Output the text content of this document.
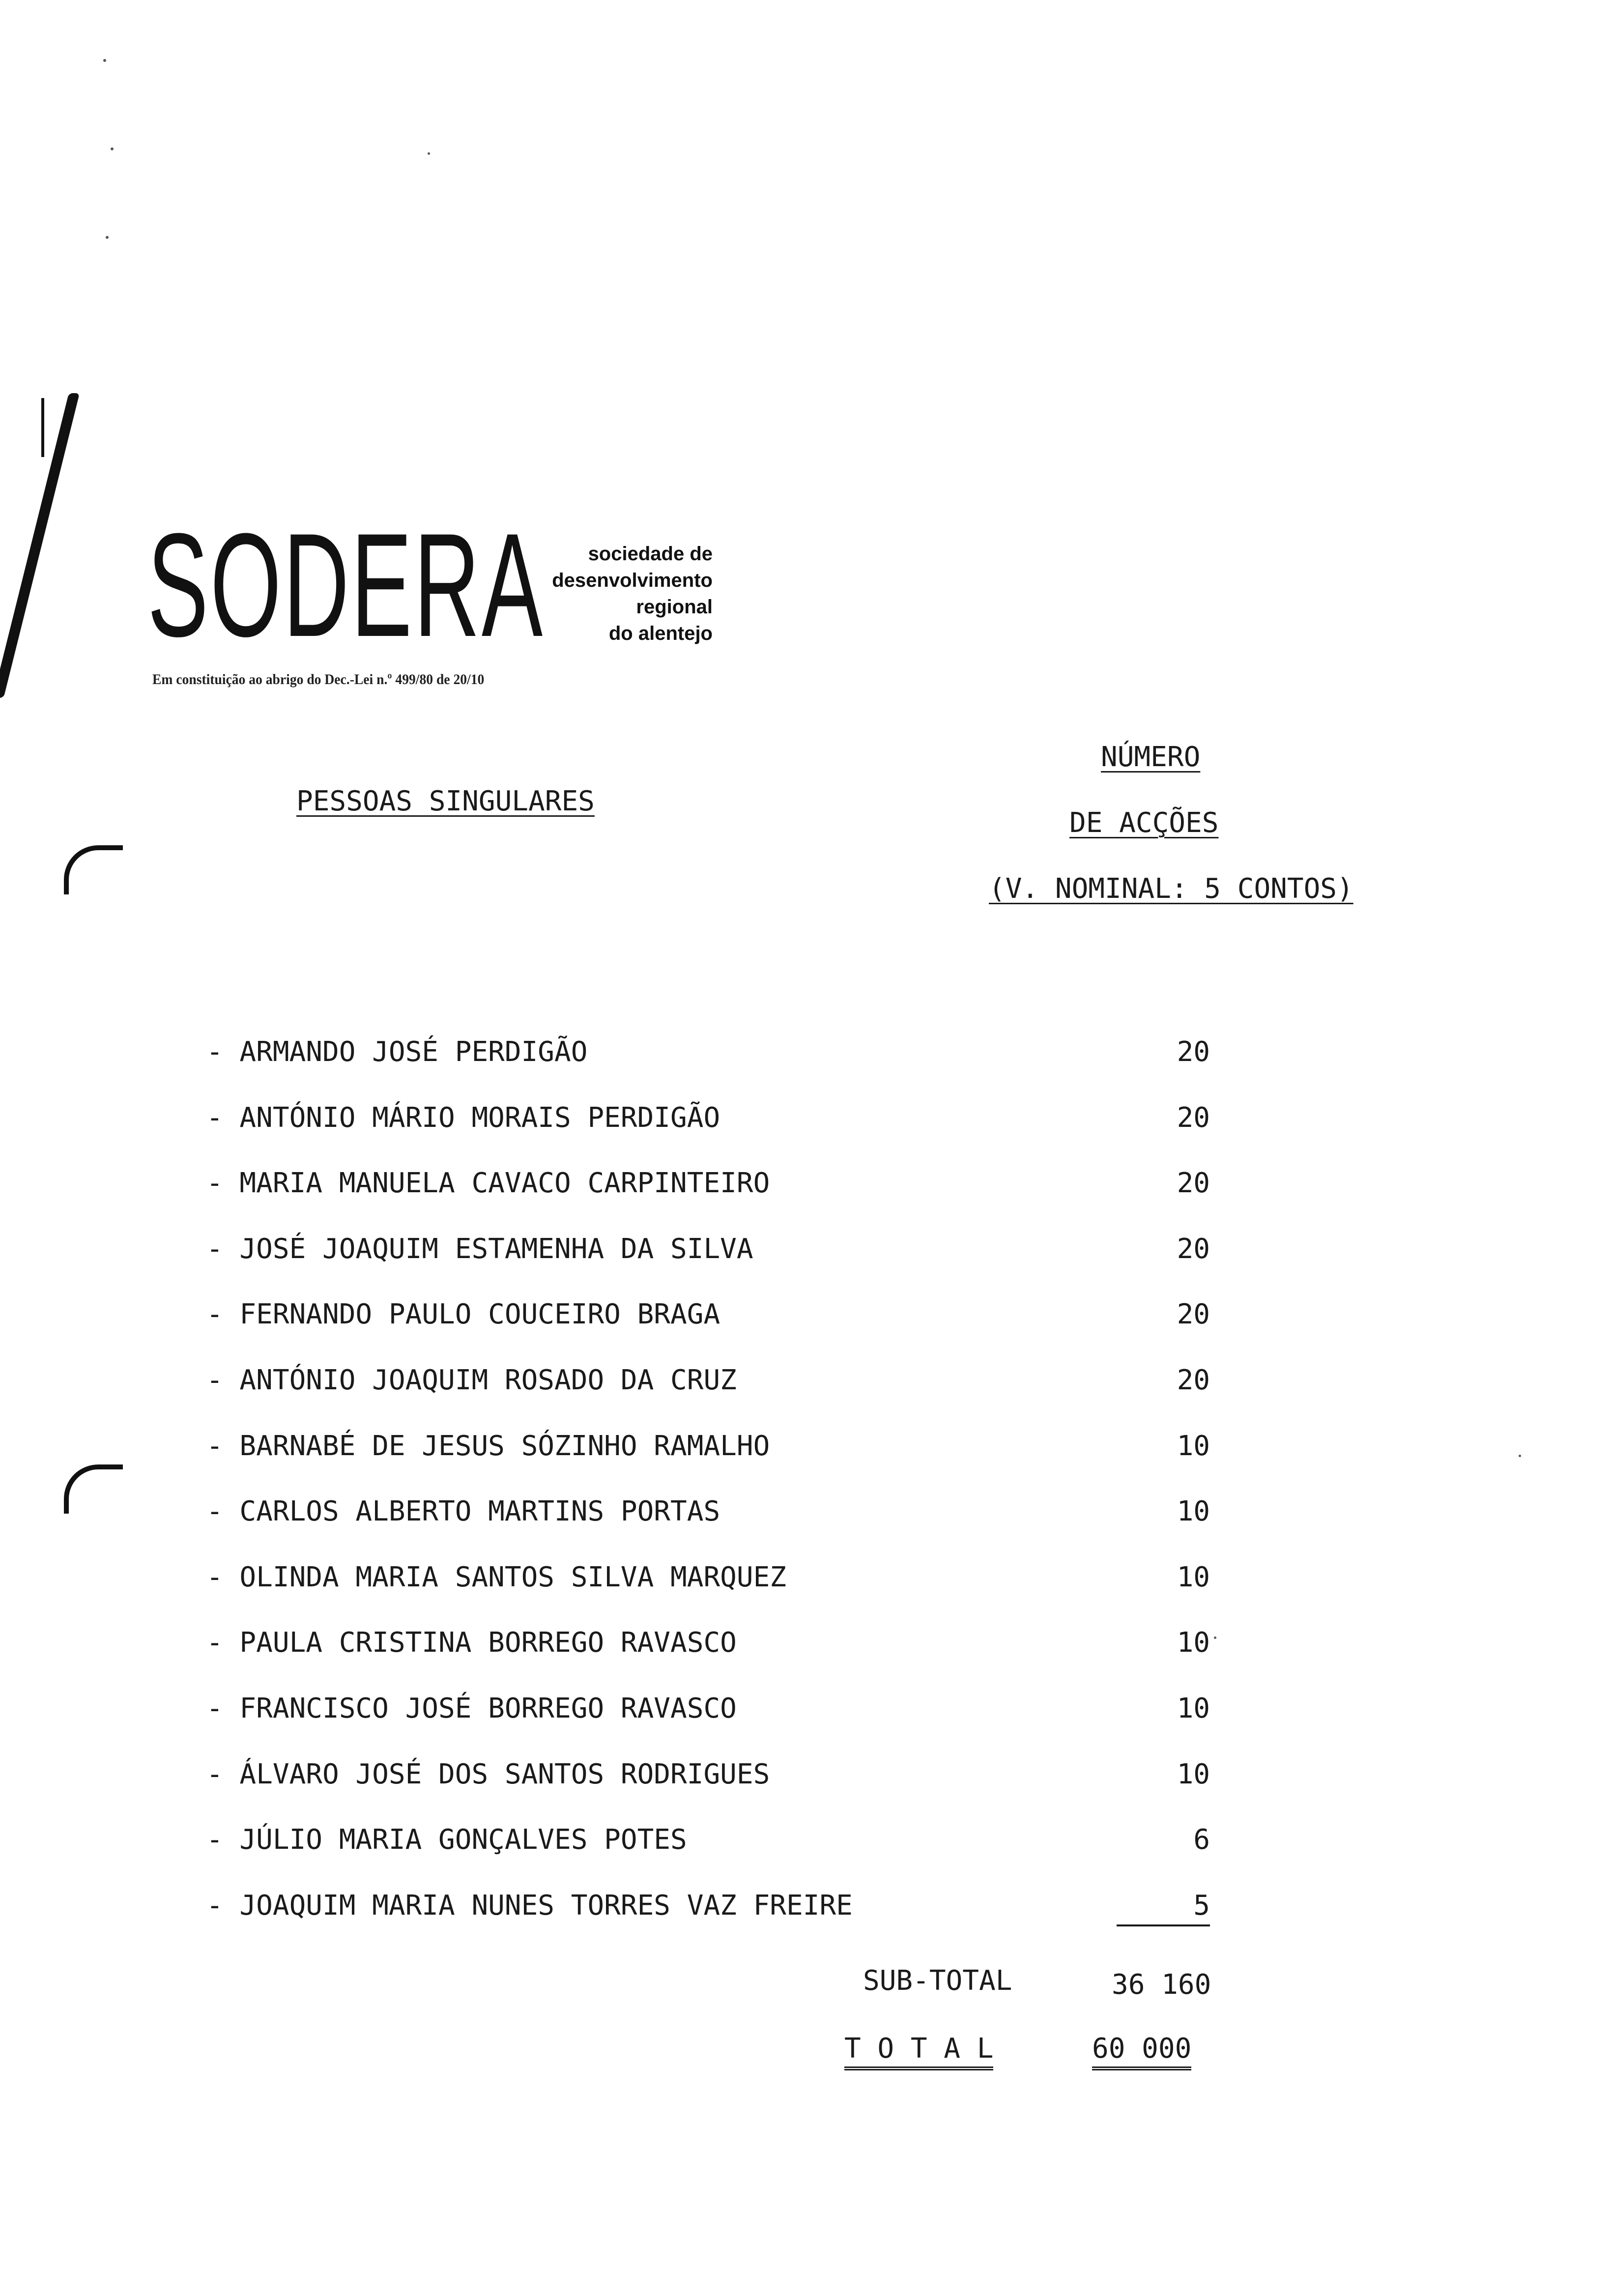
SODERA	sociedade de
desenvolvimento
regional
do alentejo
Em constituição ao abrigo do Dec.-Lei n.º 499/80 de 20/10
PESSOAS SINGULARES
NÚMERO
DE ACÇÕES
(V. NOMINAL: 5 CONTOS)
- ARMANDO JOSÉ PERDIGÃO	20
- ANTÓNIO MÁRIO MORAIS PERDIGÃO	20
- MARIA MANUELA CAVACO CARPINTEIRO	20
- JOSÉ JOAQUIM ESTAMENHA DA SILVA	20
- FERNANDO PAULO COUCEIRO BRAGA	20
- ANTÓNIO JOAQUIM ROSADO DA CRUZ	20
- BARNABÉ DE JESUS SÓZINHO RAMALHO	10
- CARLOS ALBERTO MARTINS PORTAS	10
- OLINDA MARIA SANTOS SILVA MARQUEZ	10
- PAULA CRISTINA BORREGO RAVASCO	10
- FRANCISCO JOSÉ BORREGO RAVASCO	10
- ÁLVARO JOSÉ DOS SANTOS RODRIGUES	10
- JÚLIO MARIA GONÇALVES POTES	6
- JOAQUIM MARIA NUNES TORRES VAZ FREIRE	5
SUB-TOTAL	36 160
T O T A L	60 000
